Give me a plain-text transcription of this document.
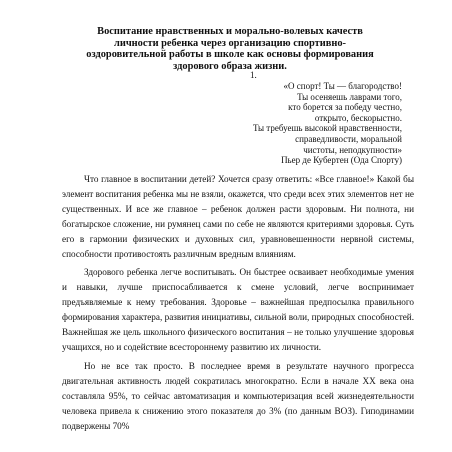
Воспитание нравственных и морально-волевых качеств
личности ребенка через организацию спортивно-
оздоровительной работы в школе как основы формирования
здорового образа жизни.
1.
«О спорт! Ты — благородство!
Ты осеняешь лаврами того,
кто борется за победу честно,
открыто, бескорыстно.
Ты требуешь высокой нравственности,
справедливости, моральной
чистоты, неподкупности»
Пьер де Кубертен (Ода Спорту)

Что главное в воспитании детей? Хочется сразу ответить: «Все главное!» Какой бы элемент воспитания ребенка мы не взяли, окажется, что среди всех этих элементов нет не существенных. И все же главное – ребенок должен расти здоровым. Ни полнота, ни богатырское сложение, ни румянец сами по себе не являются критериями здоровья. Суть его в гармонии физических и духовных сил, уравновешенности нервной системы, способности противостоять различным вредным влияниям.

Здорового ребенка легче воспитывать. Он быстрее осваивает необходимые умения и навыки, лучше приспосабливается к смене условий, легче воспринимает предъявляемые к нему требования. Здоровье – важнейшая предпосылка правильного формирования характера, развития инициативы, сильной воли, природных способностей. Важнейшая же цель школьного физического воспитания – не только улучшение здоровья учащихся, но и содействие всестороннему развитию их личности.

Но не все так просто. В последнее время в результате научного прогресса двигательная активность людей сократилась многократно. Если в начале XX века она составляла 95%, то сейчас автоматизация и компьютеризация всей жизнедеятельности человека привела к снижению этого показателя до 3% (по данным ВОЗ). Гиподинамии подвержены 70%
